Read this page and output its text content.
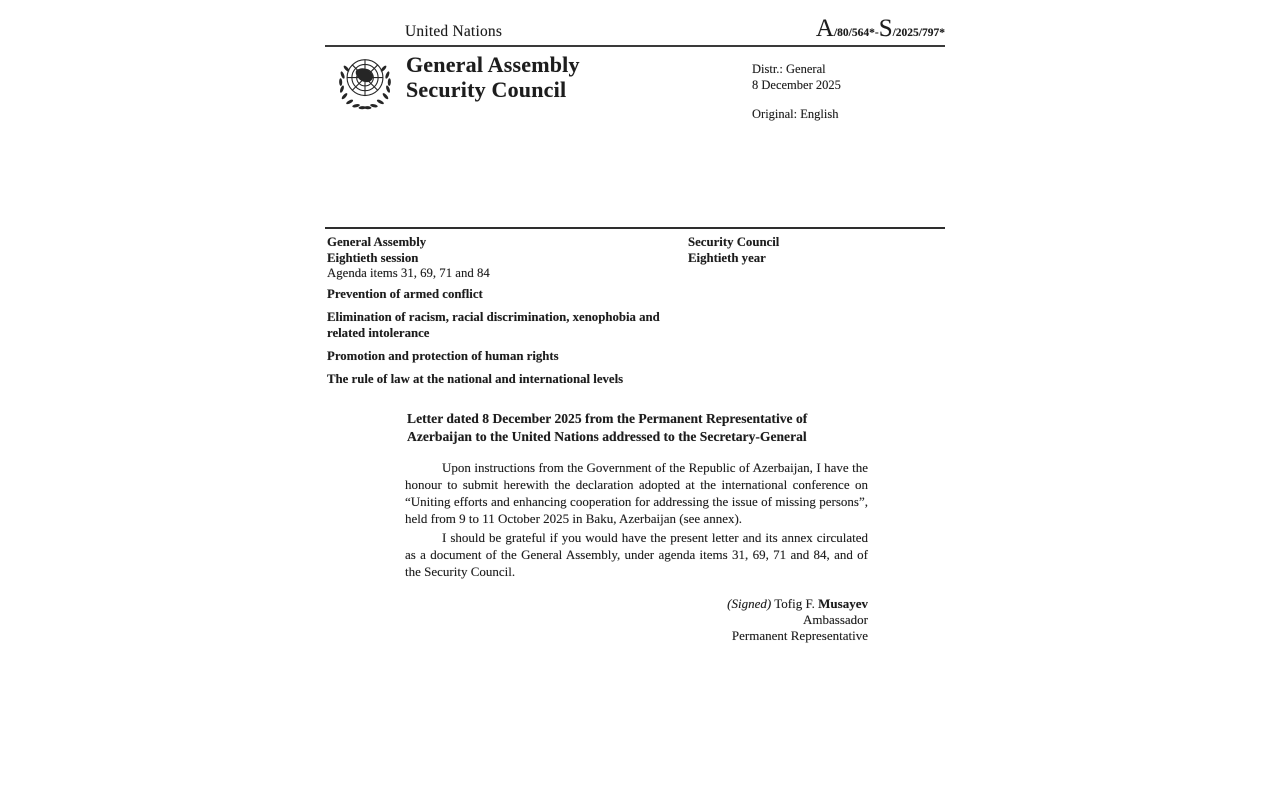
United Nations	A/80/564*-S/2025/797*
General Assembly
Security Council
Distr.: General
8 December 2025
Original: English
General Assembly
Eightieth session
Agenda items 31, 69, 71 and 84
Security Council
Eightieth year
Prevention of armed conflict
Elimination of racism, racial discrimination, xenophobia and related intolerance
Promotion and protection of human rights
The rule of law at the national and international levels
Letter dated 8 December 2025 from the Permanent Representative of Azerbaijan to the United Nations addressed to the Secretary-General
Upon instructions from the Government of the Republic of Azerbaijan, I have the honour to submit herewith the declaration adopted at the international conference on “Uniting efforts and enhancing cooperation for addressing the issue of missing persons”, held from 9 to 11 October 2025 in Baku, Azerbaijan (see annex).
I should be grateful if you would have the present letter and its annex circulated as a document of the General Assembly, under agenda items 31, 69, 71 and 84, and of the Security Council.
(Signed) Tofig F. Musayev
Ambassador
Permanent Representative
